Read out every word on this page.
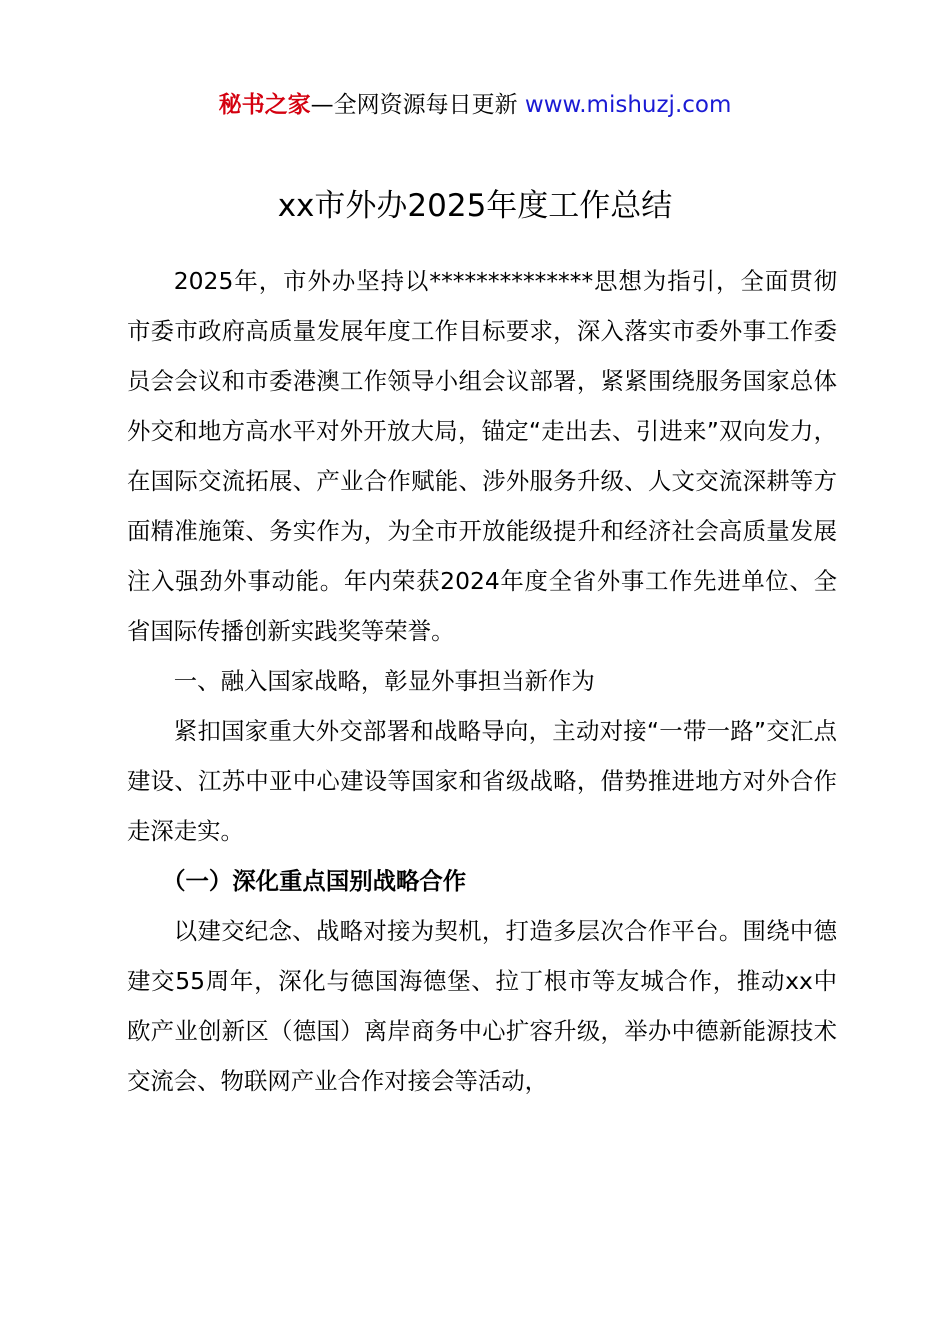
秘书之家—全网资源每日更新 www.mishuzj.com
xx市外办2025年度工作总结

2025年，市外办坚持以**************思想为指引，全面贯彻市委市政府高质量发展年度工作目标要求，深入落实市委外事工作委员会会议和市委港澳工作领导小组会议部署，紧紧围绕服务国家总体外交和地方高水平对外开放大局，锚定“走出去、引进来”双向发力，在国际交流拓展、产业合作赋能、涉外服务升级、人文交流深耕等方面精准施策、务实作为，为全市开放能级提升和经济社会高质量发展注入强劲外事动能。年内荣获2024年度全省外事工作先进单位、全省国际传播创新实践奖等荣誉。

一、融入国家战略，彰显外事担当新作为

紧扣国家重大外交部署和战略导向，主动对接“一带一路”交汇点建设、江苏中亚中心建设等国家和省级战略，借势推进地方对外合作走深走实。

（一）深化重点国别战略合作

以建交纪念、战略对接为契机，打造多层次合作平台。围绕中德建交55周年，深化与德国海德堡、拉丁根市等友城合作，推动xx中欧产业创新区（德国）离岸商务中心扩容升级，举办中德新能源技术交流会、物联网产业合作对接会等活动，
